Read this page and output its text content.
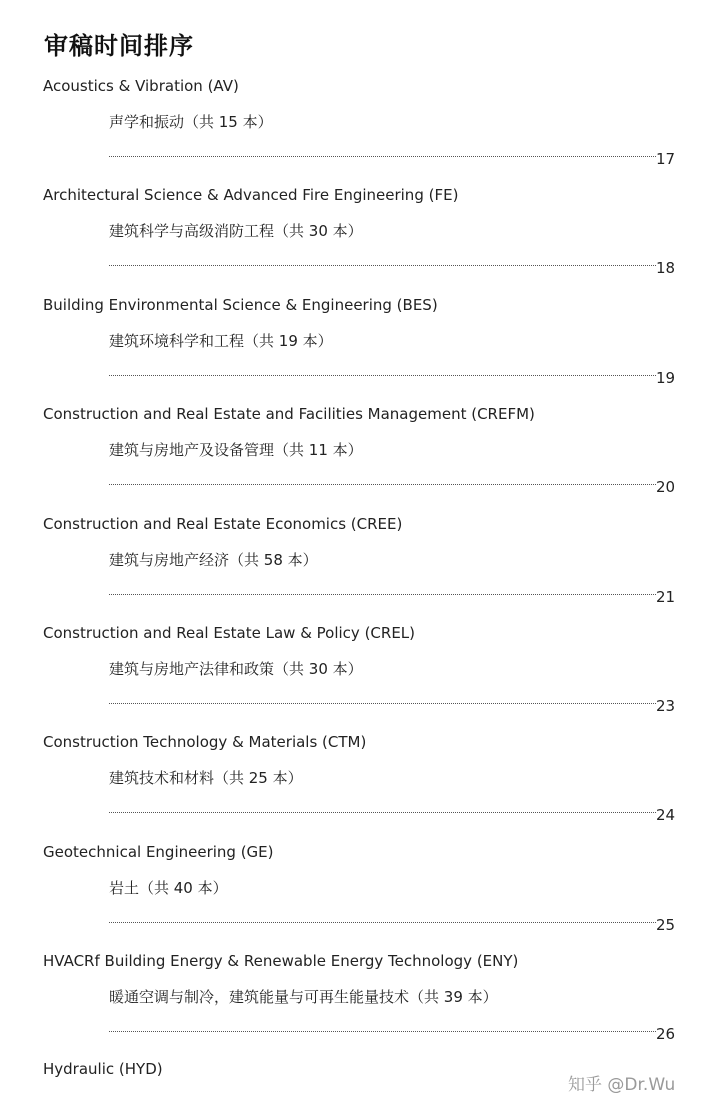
审稿时间排序
Acoustics & Vibration (AV)
声学和振动（共 15 本）
17
Architectural Science & Advanced Fire Engineering (FE)
建筑科学与高级消防工程（共 30 本）
18
Building Environmental Science & Engineering (BES)
建筑环境科学和工程（共 19 本）
19
Construction and Real Estate and Facilities Management (CREFM)
建筑与房地产及设备管理（共 11 本）
20
Construction and Real Estate Economics (CREE)
建筑与房地产经济（共 58 本）
21
Construction and Real Estate Law & Policy (CREL)
建筑与房地产法律和政策（共 30 本）
23
Construction Technology & Materials (CTM)
建筑技术和材料（共 25 本）
24
Geotechnical Engineering (GE)
岩土（共 40 本）
25
HVACRf Building Energy & Renewable Energy Technology (ENY)
暖通空调与制冷，建筑能量与可再生能量技术（共 39 本）
26
Hydraulic (HYD)
知乎 @Dr.Wu
